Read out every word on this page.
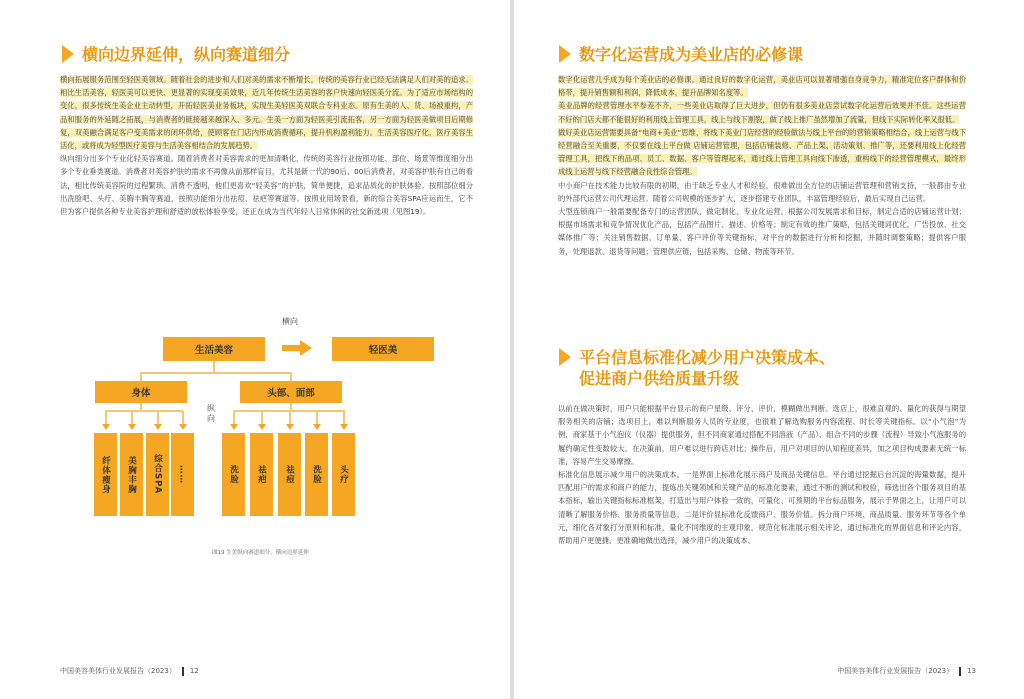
横向边界延伸，纵向赛道细分

横向拓展服务范围至轻医美领域。随着社会的进步和人们对美的需求不断增长，传统的美容行业已经无法满足人们对美的追求。相比生活美容，轻医美可以更快、更显著的实现变美效果，近几年传统生活美容的客户快速向轻医美分流。为了适应市场结构的变化，很多传统生美企业主动转型，开拓轻医美业务板块，实现生美轻医美双联合专科业态。原有生美的人、货、场被重构，产品和服务的外延随之拓展，与消费者的链接越来越深入、多元。生美一方面为轻医美引流拓客，另一方面为轻医美做项目后期修复，双美融合满足客户变美需求的闭环供给，使顾客在门店内形成消费循环，提升机构盈利能力。生活美容医疗化，医疗美容生活化，或将成为轻型医疗美容与生活美容相结合的发展趋势。

纵向细分出多个专业化轻美容赛道。随着消费者对美容需求的更加清晰化，传统的美容行业按照功能、部位、场景等维度细分出多个专业垂类赛道。消费者对美容护肤的需求不再像从前那样盲目，尤其是新一代的90后、00后消费者，对美容护肤有自己的看法，相比传统美容院的过程繁琐、消费不透明，他们更喜欢“轻美容”的护肤，简单便捷，追求品质化的护肤体验。按照部位细分出洗脸吧、头疗、美胸丰胸等赛道，按照功能细分出祛痘、祛疤等赛道等。按照业用场景看，新的综合美容SPA应运而生，它不但为客户提供各种专业美容护理和舒适的放松体验享受，还正在成为当代年轻人日常休闲的社交新选项（见图19）。

横向
生活美容	轻医美
身体	头部、面部
纵向
纤体瘦身 美胸丰胸 综合SPA ……	洗脸 祛疤 祛痘 洗脸 头疗
图19 生美纵向赛道细分，横向边界延伸
中国美容美体行业发展报告（2023） 12
数字化运营成为美业店的必修课

数字化运营几乎成为每个美业店的必修课。通过良好的数字化运营，美业店可以显著增强自身竞争力，精准定位客户群体和价格带，提升销售额和利润，降低成本，提升品牌知名度等。

美业品牌的经营管理水平参差不齐，一些美业店取得了巨大进步，但仍有很多美业店尝试数字化运营后效果并不佳。这些运营不好的门店大都不能很好的利用线上管理工具，线上与线下割裂，做了线上推广虽然增加了流量，但线下实际转化率又很低。

做好美业店运营需要具备“电商+美业”思维，将线下美业门店经营的经验做法与线上平台的的营销策略相结合，线上运营与线下经营融合至关重要，不仅要在线上平台做 店铺运营管理，包括店铺装修、产品上架、活动策划、推广等，还要利用线上化经营管理工具，把线下的品项、员工、数据、客户等管理起来，通过线上管理工具向线下渗透，重构线下的经营管理模式，最终形成线上运营与线下经营融合良性综合管理。

中小商户在技术能力比较有限的初期，由于缺乏专业人才和经验，很难做出全方位的店铺运营管理和营销支持，一般都由专业的外部代运营公司代理运营。随着公司规模的逐步扩大，逐步搭建专业团队，丰富管理经验后，最后实现自己运营。

大型连锁商户一般需要配备专门的运营团队，做定制化、专业化运营。根据公司发展需求和目标，制定合适的店铺运营计划；根据市场需求和竞争情况优化产品，包括产品图片、描述、价格等；制定有效的推广策略，包括关键词优化、广告投放、社交媒体推广等；关注销售数据、订单量、客户评价等关键指标，对平台的数据进行分析和挖掘，并随时调整策略；提供客户服务，处理退款、退货等问题；管理供应链，包括采购、仓储、物流等环节。

平台信息标准化减少用户决策成本、
促进商户供给质量升级

以前在做决策时，用户只能根据平台显示的商户星级、评分、评价，模糊做出判断。选店上，很难直观的、量化的获得与期望服务相关的店铺；选项目上，难以判断服务人员的专业度，也很难了解选购服务内容流程、时长等关键指标。以“小气泡”为例，商家基于小气泡仪（仪器）提供服务，但不同商家通过搭配不同溶液（产品）、组合不同的步骤（流程）导致小气泡服务的履约确定性变数较大。在决策前，用户难以进行跨店对比；操作后，用户对项目的认知程度差异，加之项目构成要素无统一标准，容易产生交易摩擦。

标准化信息展示减少用户的决策成本。一是界面上标准化展示商户及商品关键信息。平台通过挖掘后台沉淀的海量数据，提升匹配用户的需求和商户的能力，提炼出关键领域和关键产品的标准化要素，通过不断的测试和校验，筛选出各个服务项目的基本指标，输出关键指标标准框架，打造出与用户体验一致的，可量化、可预期的平台标品服务，展示于界面之上，让用户可以清晰了解服务价格、服务质量等信息。二是评价显标准化反馈商户、服务价值。拆分商户环境、商品质量、服务环节等各个单元，细化各对象打分原则和标准，量化不同维度的主观印象，规范化标准展示相关评论，通过标准化的界面信息和评论内容，帮助用户更便捷、更准确地做出选择，减少用户的决策成本。

中国美容美体行业发展报告（2023） 13
